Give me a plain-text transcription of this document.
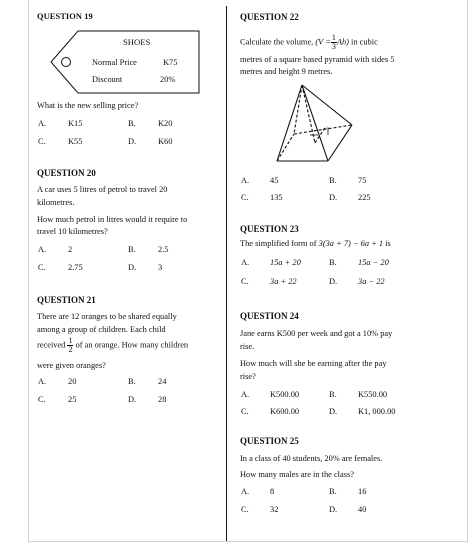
QUESTION 19
SHOES
Normal Price	K75
Discount	20%
What is the new selling price?
A.	K15	B.	K20
C.	K55	D.	K60
QUESTION 20
A car uses 5 litres of petrol to travel 20
kilometres.
How much petrol in litres would it require to
travel 10 kilometres?
A.	2	B.	2.5
C.	2.75	D.	3
QUESTION 21
There are 12 oranges to be shared equally
among a group of children. Each child
received $\frac{1}{2}$ of an orange. How many children
were given oranges?
A.	20	B.	24
C.	25	D.	28
QUESTION 22
Calculate the volume, $(V = \frac{1}{3} Ah)$ in cubic
metres of a square based pyramid with sides 5
metres and height 9 metres.
A. 45	B.	75
C.	135	D. 225
QUESTION 23
The simplified form of 3(3a + 7) − 6a + 1 is
A. 15a + 20	B.	15a − 20
C.	3a + 22	D. 3a − 22
QUESTION 24
Jane earns K500 per week and got a 10% pay
rise.
How much will she be earning after the pay
rise?
A. K500.00	B.	K550.00
C.	K600.00	D. K1, 000.00
QUESTION 25
In a class of 40 students, 20% are females.
How many males are in the class?
A. 8	B.	16
C.	32	D. 40
